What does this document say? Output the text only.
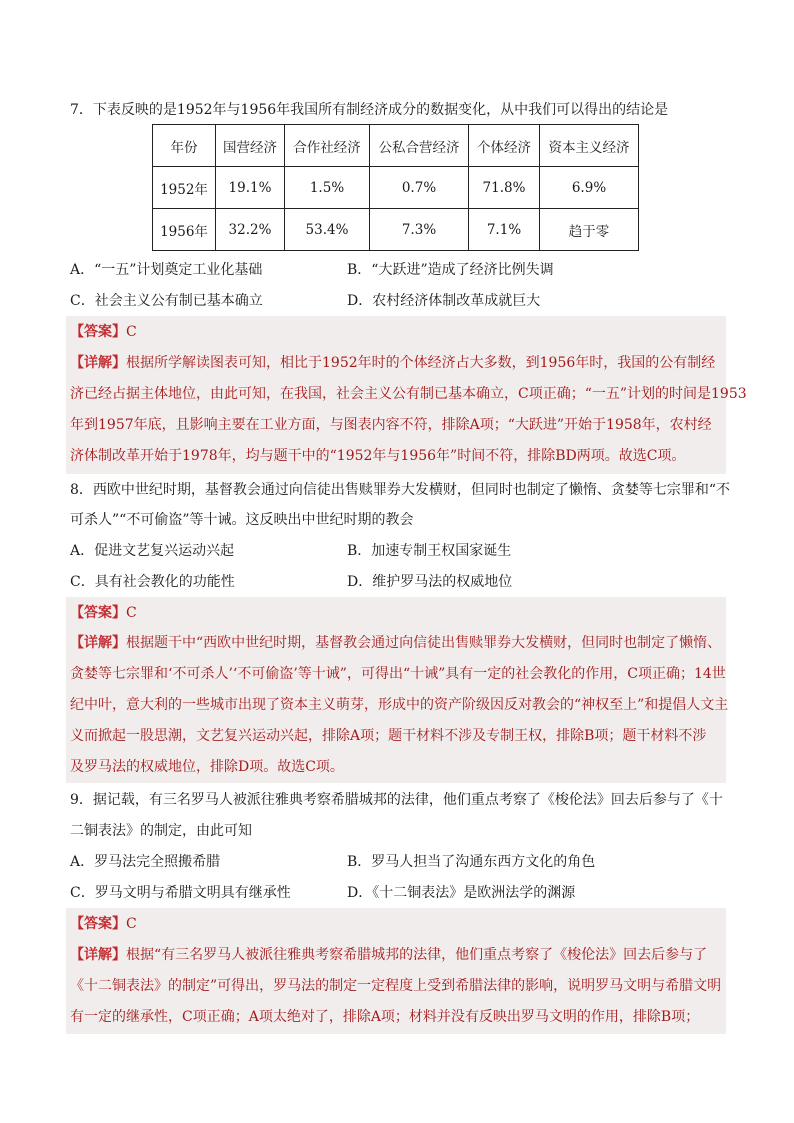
7．下表反映的是1952年与1956年我国所有制经济成分的数据变化，从中我们可以得出的结论是
年份	国营经济	合作社经济	公私合营经济	个体经济	资本主义经济
1952年	19.1%	1.5%	0.7%	71.8%	6.9%
1956年	32.2%	53.4%	7.3%	7.1%	趋于零
A．“一五”计划奠定工业化基础	B．“大跃进”造成了经济比例失调
C．社会主义公有制已基本确立	D．农村经济体制改革成就巨大
【答案】C
【详解】根据所学解读图表可知，相比于1952年时的个体经济占大多数，到1956年时，我国的公有制经
济已经占据主体地位，由此可知，在我国，社会主义公有制已基本确立，C项正确；“一五”计划的时间是1953
年到1957年底，且影响主要在工业方面，与图表内容不符，排除A项；“大跃进”开始于1958年，农村经
济体制改革开始于1978年，均与题干中的“1952年与1956年”时间不符，排除BD两项。故选C项。
8．西欧中世纪时期，基督教会通过向信徒出售赎罪券大发横财，但同时也制定了懒惰、贪婪等七宗罪和“不
可杀人”“不可偷盗”等十诫。这反映出中世纪时期的教会
A．促进文艺复兴运动兴起	B．加速专制王权国家诞生
C．具有社会教化的功能性	D．维护罗马法的权威地位
【答案】C
【详解】根据题干中“西欧中世纪时期，基督教会通过向信徒出售赎罪券大发横财，但同时也制定了懒惰、
贪婪等七宗罪和‘不可杀人’‘不可偷盗’等十诫”，可得出“十诫”具有一定的社会教化的作用，C项正确；14世
纪中叶，意大利的一些城市出现了资本主义萌芽，形成中的资产阶级因反对教会的“神权至上”和提倡人文主
义而掀起一股思潮，文艺复兴运动兴起，排除A项；题干材料不涉及专制王权，排除B项；题干材料不涉
及罗马法的权威地位，排除D项。故选C项。
9．据记载，有三名罗马人被派往雅典考察希腊城邦的法律，他们重点考察了《梭伦法》回去后参与了《十
二铜表法》的制定，由此可知
A．罗马法完全照搬希腊	B．罗马人担当了沟通东西方文化的角色
C．罗马文明与希腊文明具有继承性	D．《十二铜表法》是欧洲法学的渊源
【答案】C
【详解】根据“有三名罗马人被派往雅典考察希腊城邦的法律，他们重点考察了《梭伦法》回去后参与了
《十二铜表法》的制定”可得出，罗马法的制定一定程度上受到希腊法律的影响，说明罗马文明与希腊文明
有一定的继承性，C项正确；A项太绝对了，排除A项；材料并没有反映出罗马文明的作用，排除B项；
